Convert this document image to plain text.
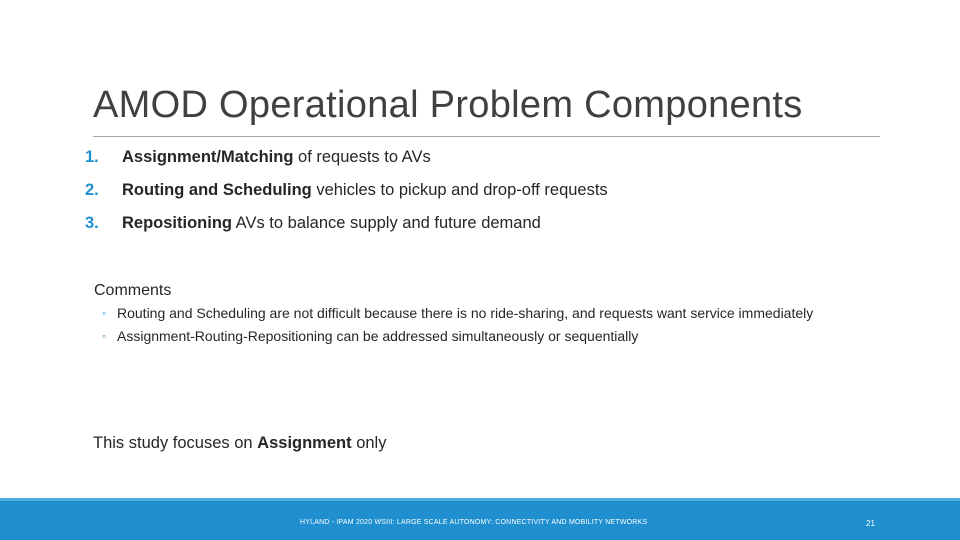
AMOD Operational Problem Components
1. Assignment/Matching of requests to AVs
2. Routing and Scheduling vehicles to pickup and drop-off requests
3. Repositioning AVs to balance supply and future demand
Comments
◦ Routing and Scheduling are not difficult because there is no ride-sharing, and requests want service immediately
◦ Assignment-Routing-Repositioning can be addressed simultaneously or sequentially
This study focuses on Assignment only
HYLAND - IPAM 2020 WSIII: LARGE SCALE AUTONOMY: CONNECTIVITY AND MOBILITY NETWORKS	21
